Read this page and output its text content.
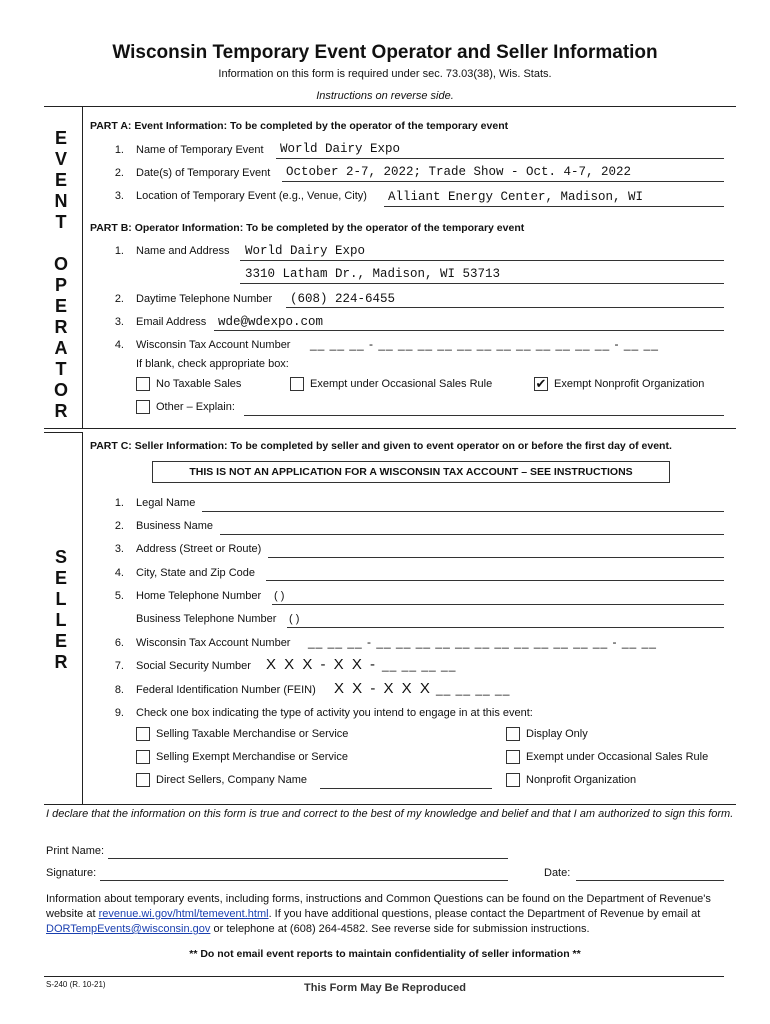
Wisconsin Temporary Event Operator and Seller Information
Information on this form is required under sec. 73.03(38), Wis. Stats.
Instructions on reverse side.
E
V
E
N
T
O
P
E
R
A
T
O
R
S
E
L
L
E
R
PART A: Event Information: To be completed by the operator of the temporary event
1. Name of Temporary Event World Dairy Expo
2. Date(s) of Temporary Event October 2-7, 2022; Trade Show - Oct. 4-7, 2022
3. Location of Temporary Event (e.g., Venue, City) Alliant Energy Center, Madison, WI
PART B: Operator Information: To be completed by the operator of the temporary event
1. Name and Address World Dairy Expo
3310 Latham Dr., Madison, WI 53713
2. Daytime Telephone Number (608) 224-6455
3. Email Address wde@wdexpo.com
4. Wisconsin Tax Account Number __ __ __ - __ __ __ __ __ __ __ __ __ __ __ __ - __ __
If blank, check appropriate box:
No Taxable Sales	Exempt under Occasional Sales Rule	✔ Exempt Nonprofit Organization
Other – Explain:
PART C: Seller Information: To be completed by seller and given to event operator on or before the first day of event.
THIS IS NOT AN APPLICATION FOR A WISCONSIN TAX ACCOUNT – SEE INSTRUCTIONS
1. Legal Name
2. Business Name
3. Address (Street or Route)
4. City, State and Zip Code
5. Home Telephone Number ( )
Business Telephone Number ( )
6. Wisconsin Tax Account Number __ __ __ - __ __ __ __ __ __ __ __ __ __ __ __ - __ __
7. Social Security Number X X X - X X - __ __ __ __
8. Federal Identification Number (FEIN) X X - X X X __ __ __ __
9. Check one box indicating the type of activity you intend to engage in at this event:
Selling Taxable Merchandise or Service	Display Only
Selling Exempt Merchandise or Service	Exempt under Occasional Sales Rule
Direct Sellers, Company Name	Nonprofit Organization
I declare that the information on this form is true and correct to the best of my knowledge and belief and that I am authorized to sign this form.
Print Name:
Signature:	Date:
Information about temporary events, including forms, instructions and Common Questions can be found on the Department of Revenue's website at revenue.wi.gov/html/temevent.html. If you have additional questions, please contact the Department of Revenue by email at DORTempEvents@wisconsin.gov or telephone at (608) 264-4582. See reverse side for submission instructions.
** Do not email event reports to maintain confidentiality of seller information **
S-240 (R. 10-21)	This Form May Be Reproduced
